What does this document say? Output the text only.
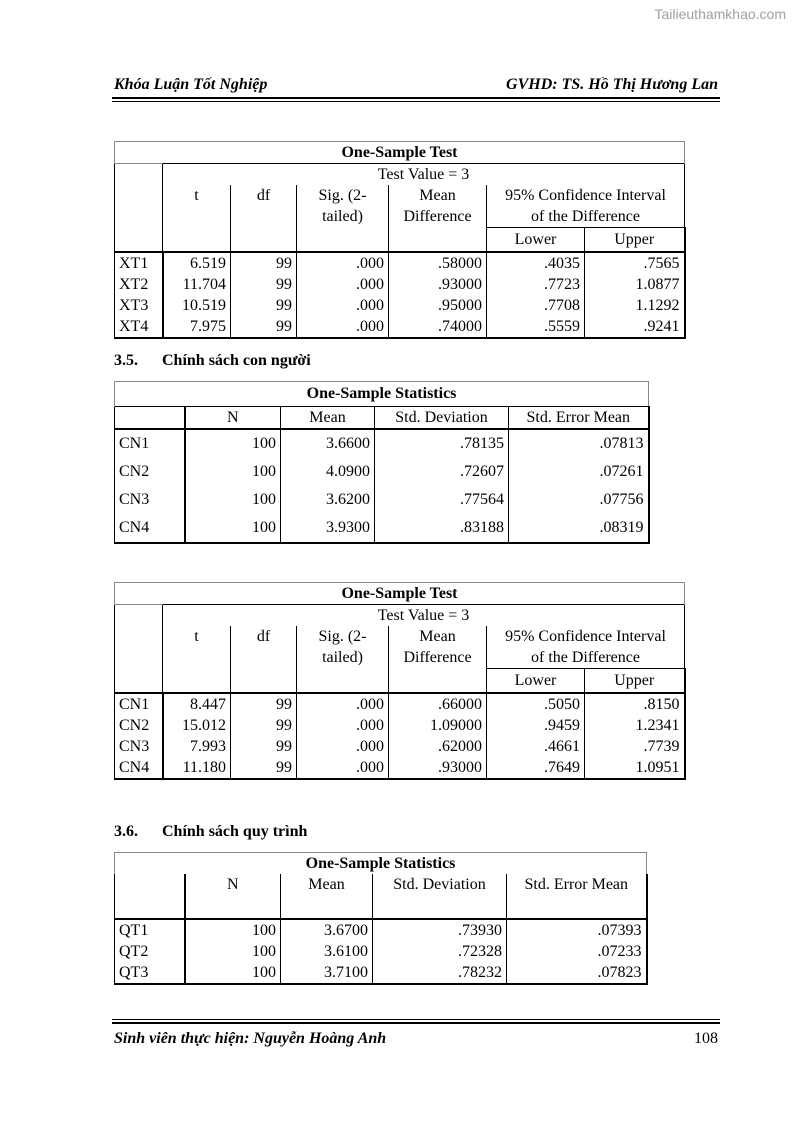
Tailieuthamkhao.com
Khóa Luận Tốt Nghiệp	GVHD: TS. Hồ Thị Hương Lan
One-Sample Test						
	Test Value = 3					
	t	df	Sig. (2-	Mean	95% Confidence Interval	
			tailed)	Difference	of the Difference	
					Lower	Upper
XT1	6.519	99	.000	.58000	.4035	.7565
XT2	11.704	99	.000	.93000	.7723	1.0877
XT3	10.519	99	.000	.95000	.7708	1.1292
XT4	7.975	99	.000	.74000	.5559	.9241
3.5. Chính sách con người
One-Sample Statistics				
	N	Mean	Std. Deviation	Std. Error Mean
CN1	100	3.6600	.78135	.07813
CN2	100	4.0900	.72607	.07261
CN3	100	3.6200	.77564	.07756
CN4	100	3.9300	.83188	.08319
One-Sample Test						
	Test Value = 3					
	t	df	Sig. (2-	Mean	95% Confidence Interval	
			tailed)	Difference	of the Difference	
					Lower	Upper
CN1	8.447	99	.000	.66000	.5050	.8150
CN2	15.012	99	.000	1.09000	.9459	1.2341
CN3	7.993	99	.000	.62000	.4661	.7739
CN4	11.180	99	.000	.93000	.7649	1.0951
3.6. Chính sách quy trình
One-Sample Statistics				
	N	Mean	Std. Deviation	Std. Error Mean
QT1	100	3.6700	.73930	.07393
QT2	100	3.6100	.72328	.07233
QT3	100	3.7100	.78232	.07823
Sinh viên thực hiện: Nguyễn Hoàng Anh	108
